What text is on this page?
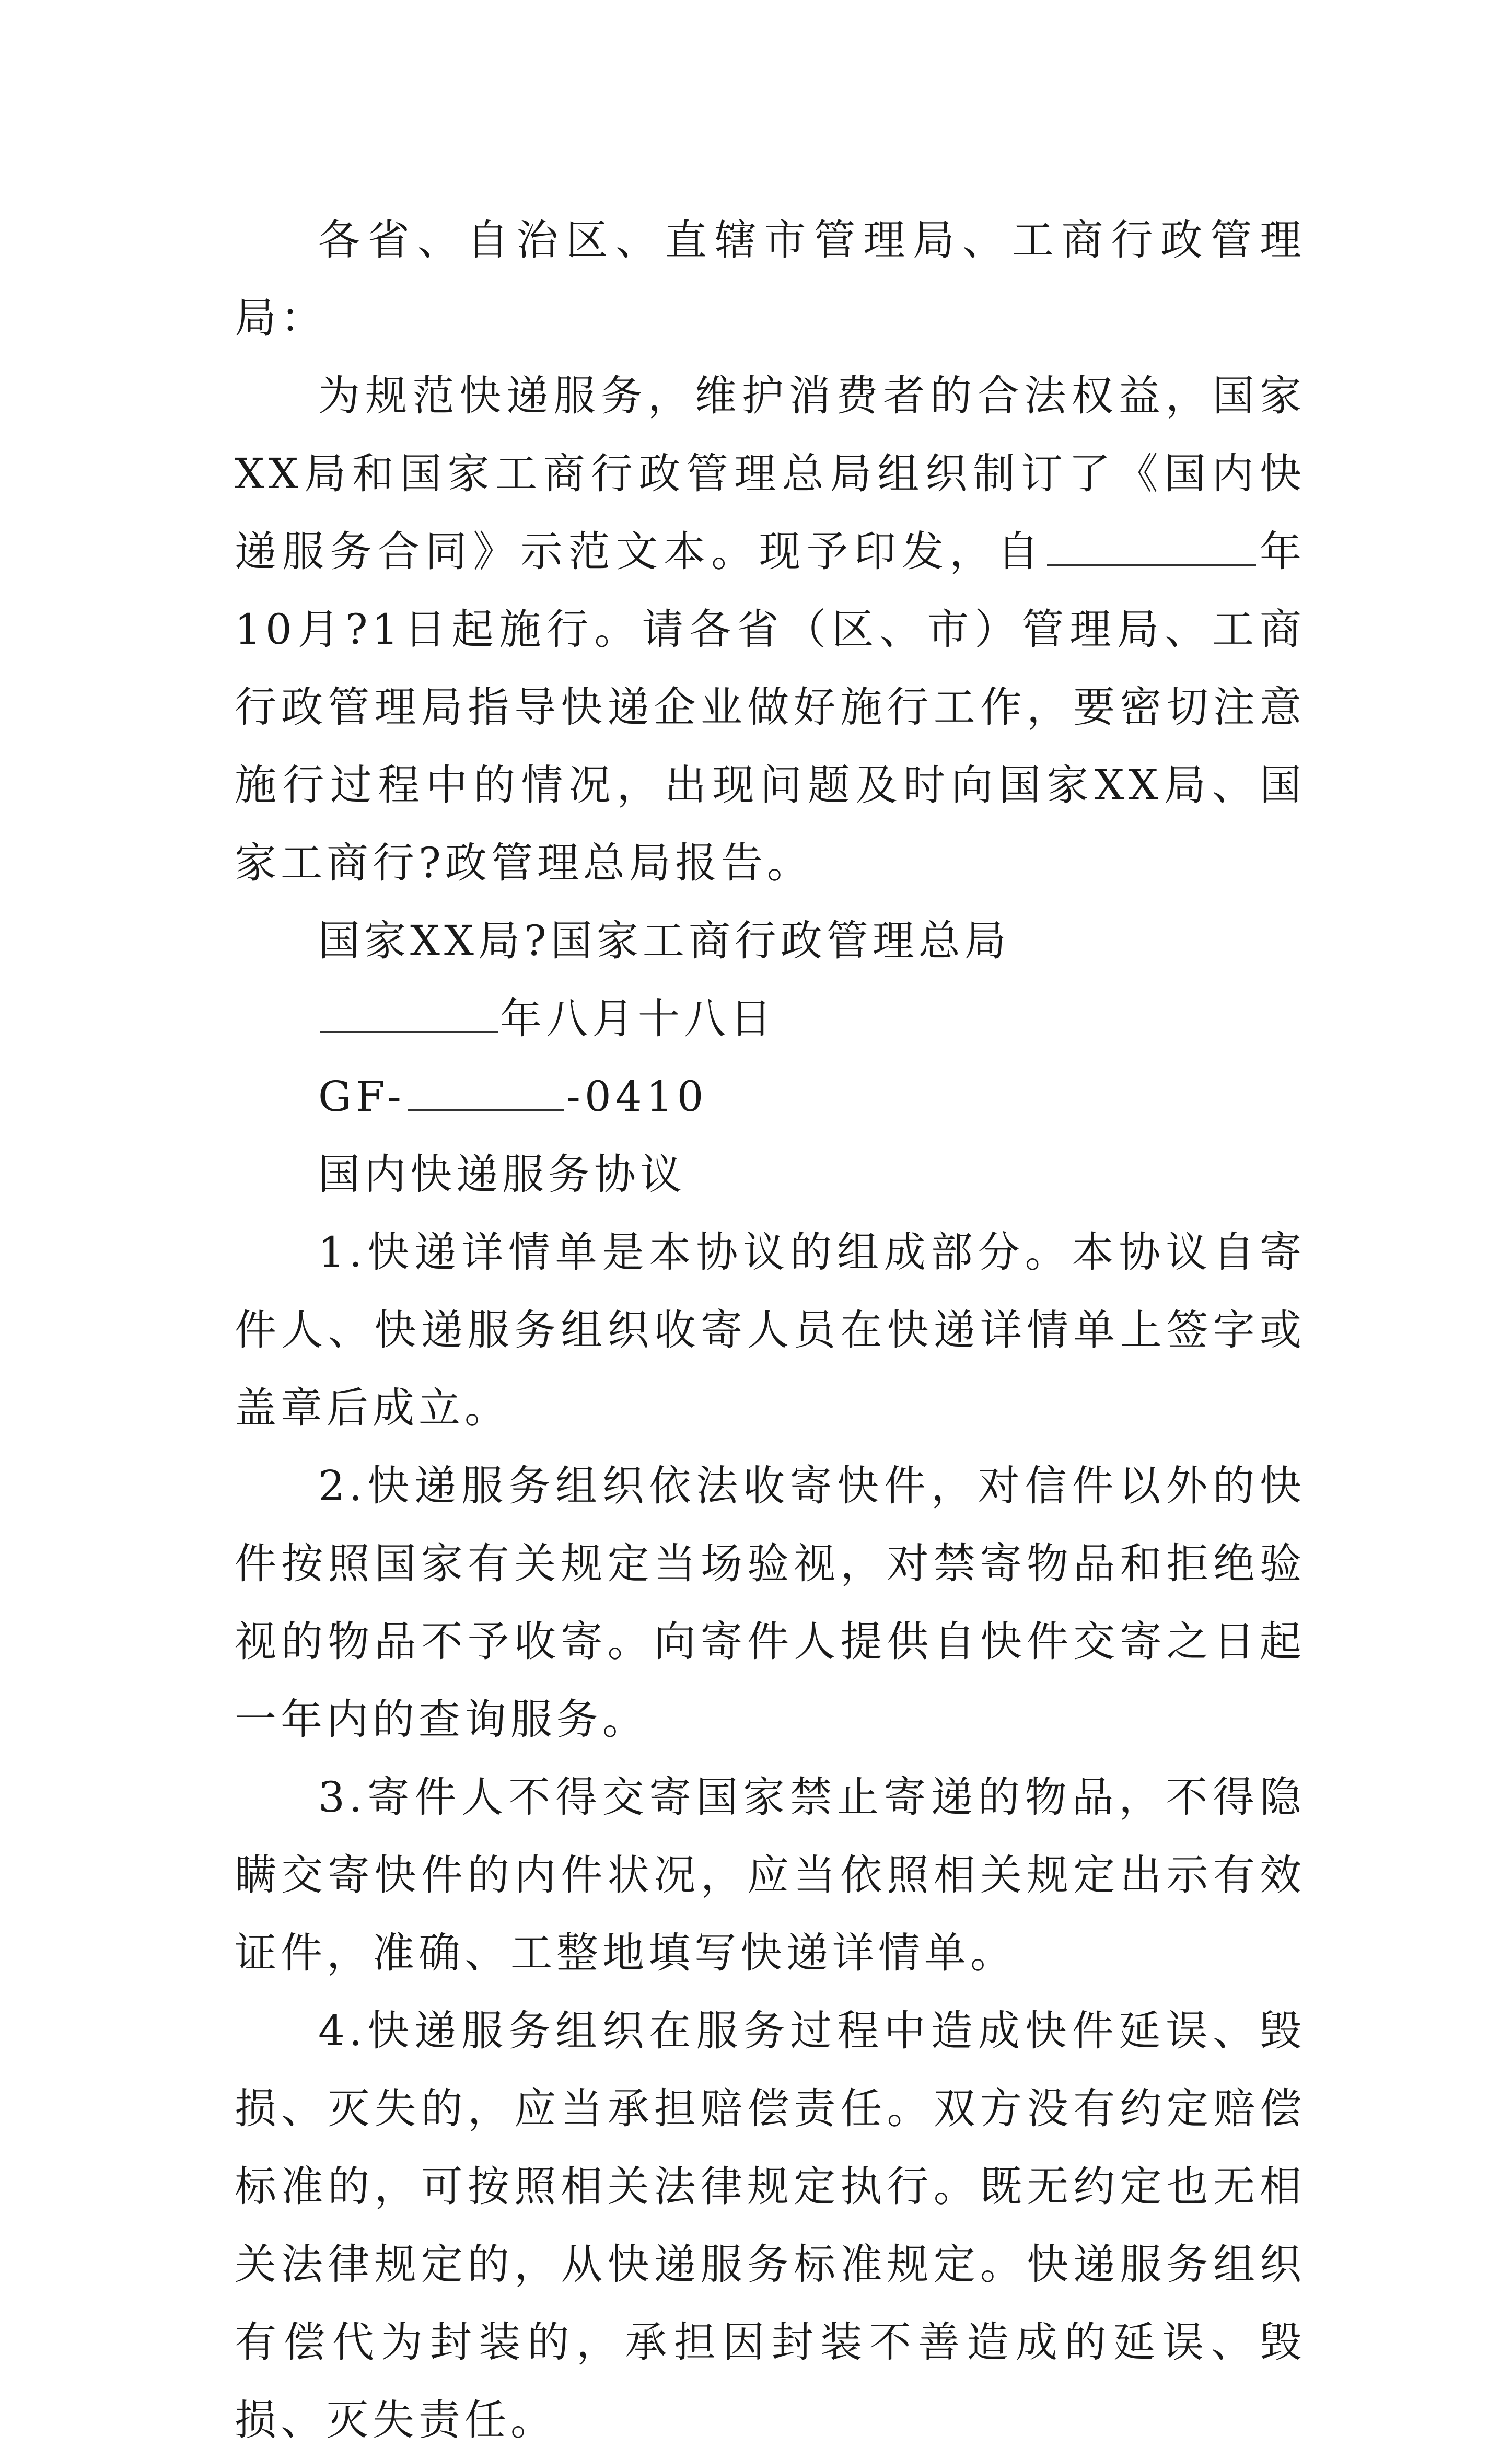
各省、自治区、直辖市管理局、工商行政管理局：

为规范快递服务，维护消费者的合法权益，国家XX局和国家工商行政管理总局组织制订了《国内快递服务合同》示范文本。现予印发，自	年10月?1日起施行。请各省（区、市）管理局、工商行政管理局指导快递企业做好施行工作，要密切注意施行过程中的情况，出现问题及时向国家XX局、国家工商行?政管理总局报告。

国家XX局?国家工商行政管理总局

年八月十八日

GF-	-0410

国内快递服务协议

1.快递详情单是本协议的组成部分。本协议自寄件人、快递服务组织收寄人员在快递详情单上签字或盖章后成立。

2.快递服务组织依法收寄快件，对信件以外的快件按照国家有关规定当场验视，对禁寄物品和拒绝验视的物品不予收寄。向寄件人提供自快件交寄之日起一年内的查询服务。

3.寄件人不得交寄国家禁止寄递的物品，不得隐瞒交寄快件的内件状况，应当依照相关规定出示有效证件，准确、工整地填写快递详情单。

4.快递服务组织在服务过程中造成快件延误、毁损、灭失的，应当承担赔偿责任。双方没有约定赔偿标准的，可按照相关法律规定执行。既无约定也无相关法律规定的，从快递服务标准规定。快递服务组织有偿代为封装的，承担因封装不善造成的延误、毁损、灭失责任。
